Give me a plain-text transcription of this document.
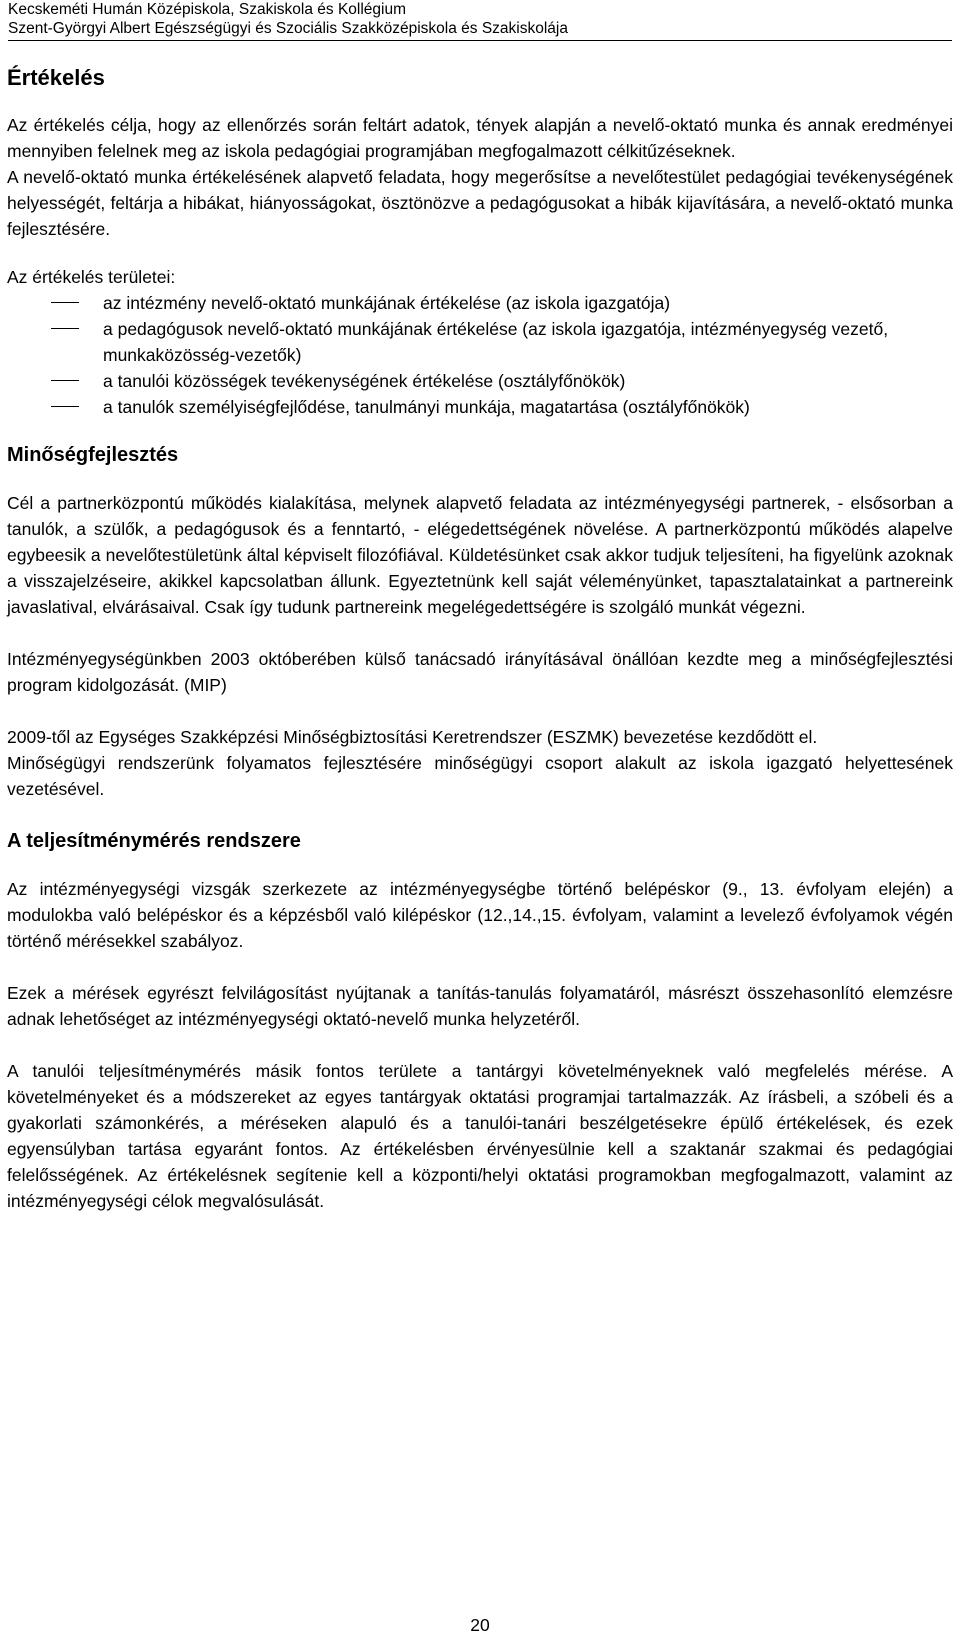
Kecskeméti Humán Középiskola, Szakiskola és Kollégium
Szent-Györgyi Albert Egészségügyi és Szociális Szakközépiskola és Szakiskolája
Értékelés

Az értékelés célja, hogy az ellenőrzés során feltárt adatok, tények alapján a nevelő-oktató munka és annak eredményei mennyiben felelnek meg az iskola pedagógiai programjában megfogalmazott célkitűzéseknek.

A nevelő-oktató munka értékelésének alapvető feladata, hogy megerősítse a nevelőtestület pedagógiai tevékenységének helyességét, feltárja a hibákat, hiányosságokat, ösztönözve a pedagógusokat a hibák kijavítására, a nevelő-oktató munka fejlesztésére.

Az értékelés területei:

az intézmény nevelő-oktató munkájának értékelése (az iskola igazgatója)
a pedagógusok nevelő-oktató munkájának értékelése (az iskola igazgatója, intézményegység vezető, munkaközösség-vezetők)
a tanulói közösségek tevékenységének értékelése (osztályfőnökök)
a tanulók személyiségfejlődése, tanulmányi munkája, magatartása (osztályfőnökök)
Minőségfejlesztés

Cél a partnerközpontú működés kialakítása, melynek alapvető feladata az intézményegységi partnerek, - elsősorban a tanulók, a szülők, a pedagógusok és a fenntartó, - elégedettségének növelése. A partnerközpontú működés alapelve egybeesik a nevelőtestületünk által képviselt filozófiával. Küldetésünket csak akkor tudjuk teljesíteni, ha figyelünk azoknak a visszajelzéseire, akikkel kapcsolatban állunk. Egyeztetnünk kell saját véleményünket, tapasztalatainkat a partnereink javaslatival, elvárásaival. Csak így tudunk partnereink megelégedettségére is szolgáló munkát végezni.

Intézményegységünkben 2003 októberében külső tanácsadó irányításával önállóan kezdte meg a minőségfejlesztési program kidolgozását. (MIP)

2009-től az Egységes Szakképzési Minőségbiztosítási Keretrendszer (ESZMK) bevezetése kezdődött el.

Minőségügyi rendszerünk folyamatos fejlesztésére minőségügyi csoport alakult az iskola igazgató helyettesének vezetésével.

A teljesítménymérés rendszere

Az intézményegységi vizsgák szerkezete az intézményegységbe történő belépéskor (9., 13. évfolyam elején) a modulokba való belépéskor és a képzésből való kilépéskor (12.,14.,15. évfolyam, valamint a levelező évfolyamok végén történő mérésekkel szabályoz.

Ezek a mérések egyrészt felvilágosítást nyújtanak a tanítás-tanulás folyamatáról, másrészt összehasonlító elemzésre adnak lehetőséget az intézményegységi oktató-nevelő munka helyzetéről.

A tanulói teljesítménymérés másik fontos területe a tantárgyi követelményeknek való megfelelés mérése. A követelményeket és a módszereket az egyes tantárgyak oktatási programjai tartalmazzák. Az írásbeli, a szóbeli és a gyakorlati számonkérés, a méréseken alapuló és a tanulói-tanári beszélgetésekre épülő értékelések, és ezek egyensúlyban tartása egyaránt fontos. Az értékelésben érvényesülnie kell a szaktanár szakmai és pedagógiai felelősségének. Az értékelésnek segítenie kell a központi/helyi oktatási programokban megfogalmazott, valamint az intézményegységi célok megvalósulását.

20
